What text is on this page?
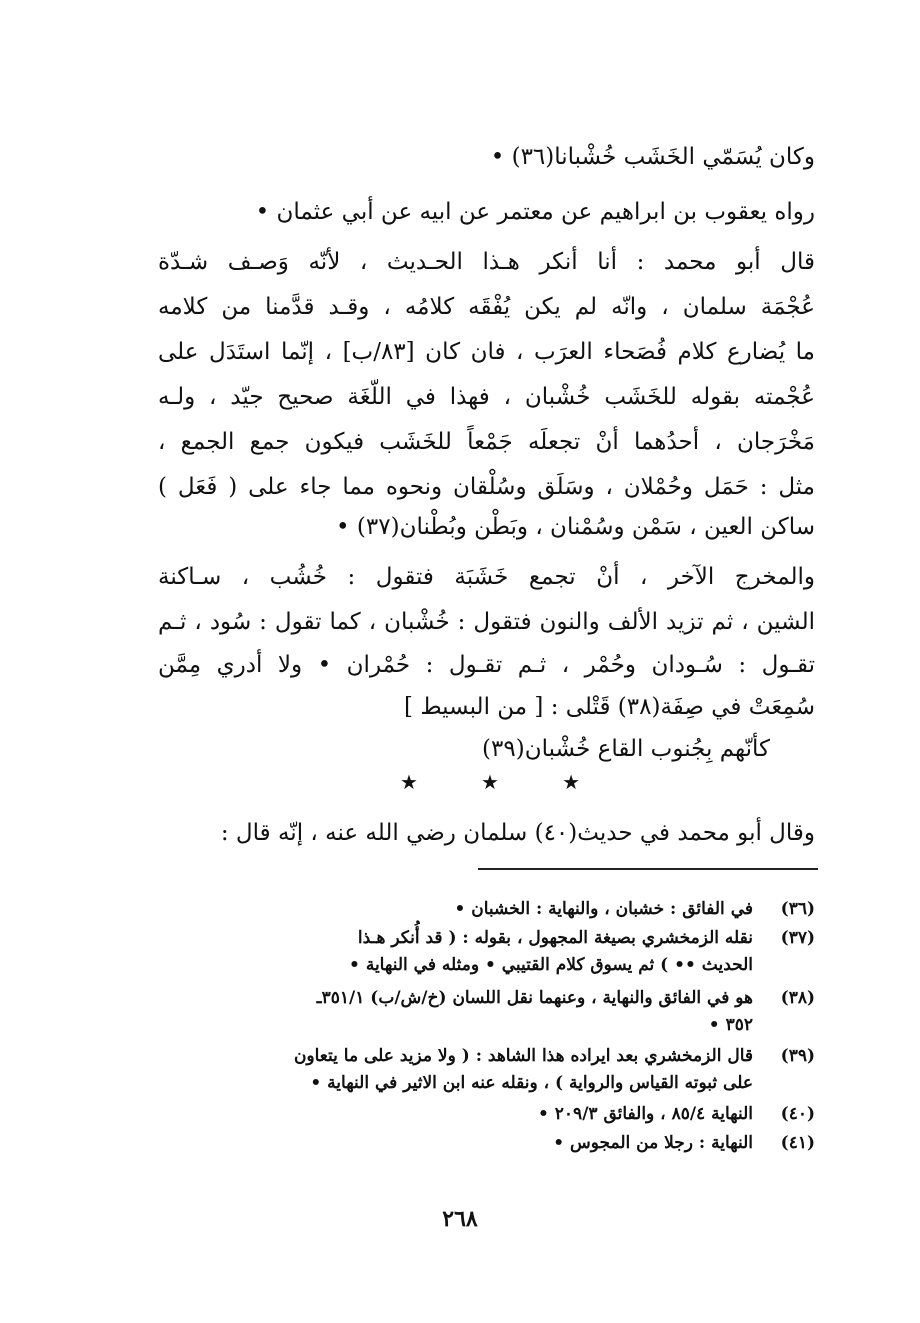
وكان يُسَمّي الخَشَب خُشْبانا(٣٦) •
رواه يعقوب بن ابراهيم عن معتمر عن ابيه عن أبي عثمان •
قال أبو محمد : أنا أنكر هـذا الحـديث ، لأنّه وَصـف شـدّة
عُجْمَة سلمان ، وانّه لم يكن يُفْقَه كلامُه ، وقـد قدَّمنا من كلامه
ما يُضارع كلام فُصَحاء العرَب ، فان كان [٨٣/ب] ، إنّما استَدَل على
عُجْمته بقوله للخَشَب خُشْبان ، فهذا في اللّغَة صحيح جيّد ، ولـه
مَخْرَجان ، أحدُهما أنْ تجعلَه جَمْعاً للخَشَب فيكون جمع الجمع ،
مثل : حَمَل وحُمْلان ، وسَلَق وسُلْقان ونحوه مما جاء على ( فَعَل )
ساكن العين ، سَمْن وسُمْنان ، وبَطْن وبُطْنان(٣٧) •
والمخرج الآخر ، أنْ تجمع خَشَبَة فتقول : خُشُب ، سـاكنة
الشين ، ثم تزيد الألف والنون فتقول : خُشْبان ، كما تقول : سُود ، ثـم
تقـول : سُـودان وحُمْر ، ثـم تقـول : حُمْران • ولا أدري مِمَّن
سُمِعَتْ في صِفَة(٣٨) قَتْلى : [ من البسيط ]
كأنّهم بِجُنوب القاع خُشْبان(٣٩)
★	★	★
وقال أبو محمد في حديث(٤٠) سلمان رضي الله عنه ، إنّه قال :
(٣٦)
في الفائق : خشبان ، والنهاية : الخشبان •
(٣٧)
نقله الزمخشري بصيغة المجهول ، بقوله : ( قد أُنكر هـذا
الحديث •• ) ثم يسوق كلام القتيبي • ومثله في النهاية •
(٣٨)
هو في الفائق والنهاية ، وعنهما نقل اللسان (خ/ش/ب) ٣٥١/١ـ
٣٥٢ •
(٣٩)
قال الزمخشري بعد ايراده هذا الشاهد : ( ولا مزيد على ما يتعاون
على ثبوته القياس والرواية ) ، ونقله عنه ابن الاثير في النهاية •
(٤٠)
النهاية ٨٥/٤ ، والفائق ٢٠٩/٣ •
(٤١)
النهاية : رجلا من المجوس •
٢٦٨
